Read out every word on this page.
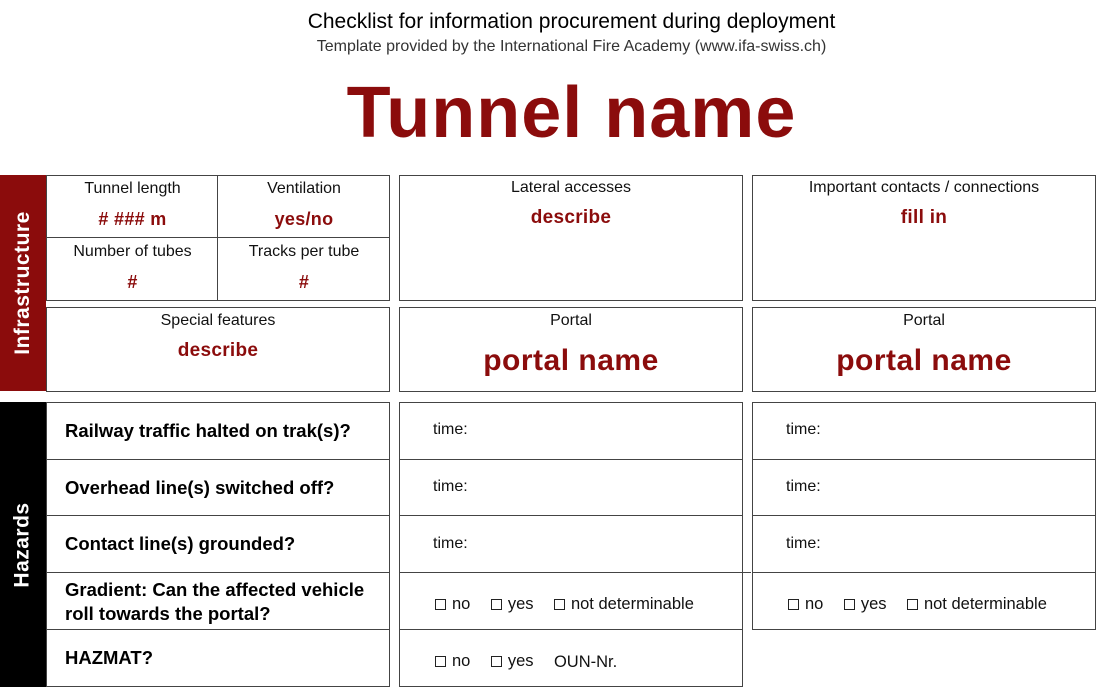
Checklist for information procurement during deployment
Template provided by the International Fire Academy (www.ifa-swiss.ch)
Tunnel name
Infrastructure
Tunnel length
# ### m
Ventilation
yes/no
Number of tubes
#
Tracks per tube
#
Lateral accesses
describe
Important contacts / connections
fill in
Special features
describe
Portal
portal name
Portal
portal name
Hazards
Railway traffic halted on trak(s)?
Overhead line(s) switched off?
Contact line(s) grounded?
Gradient: Can the affected vehicle roll towards the portal?
HAZMAT?
time:
time:
time:
no
yes
not determinable
no
yes
OUN-Nr.
time:
time:
time:
no
yes
not determinable
